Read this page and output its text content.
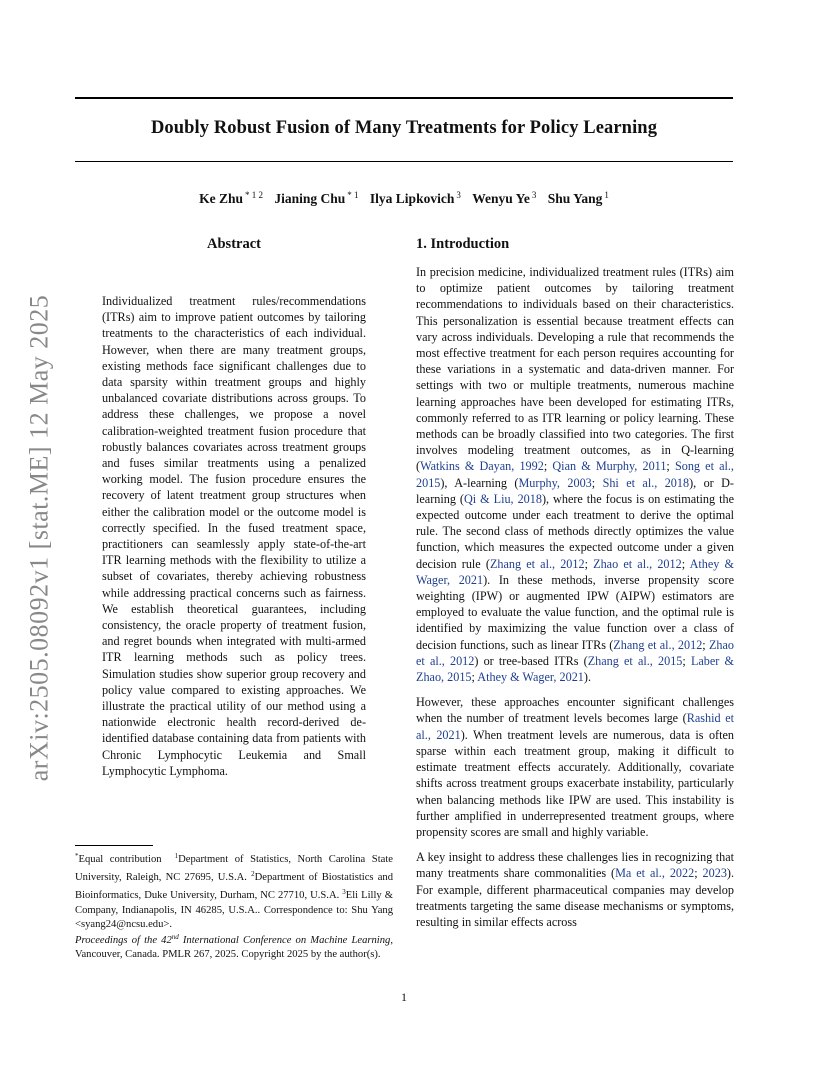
Doubly Robust Fusion of Many Treatments for Policy Learning
Ke Zhu $^{* 1 2}$ Jianing Chu $^{* 1}$ Ilya Lipkovich $^3$ Wenyu Ye $^3$ Shu Yang $^1$
arXiv:2505.08092v1 [stat.ME] 12 May 2025
Abstract
Individualized treatment rules/recommendations (ITRs) aim to improve patient outcomes by tailoring treatments to the characteristics of each individual. However, when there are many treatment groups, existing methods face significant challenges due to data sparsity within treatment groups and highly unbalanced covariate distributions across groups. To address these challenges, we propose a novel calibration-weighted treatment fusion procedure that robustly balances covariates across treatment groups and fuses similar treatments using a penalized working model. The fusion procedure ensures the recovery of latent treatment group structures when either the calibration model or the outcome model is correctly specified. In the fused treatment space, practitioners can seamlessly apply state-of-the-art ITR learning methods with the flexibility to utilize a subset of covariates, thereby achieving robustness while addressing practical concerns such as fairness. We establish theoretical guarantees, including consistency, the oracle property of treatment fusion, and regret bounds when integrated with multi-armed ITR learning methods such as policy trees. Simulation studies show superior group recovery and policy value compared to existing approaches. We illustrate the practical utility of our method using a nationwide electronic health record-derived de-identified database containing data from patients with Chronic Lymphocytic Leukemia and Small Lymphocytic Lymphoma.
1. Introduction

In precision medicine, individualized treatment rules (ITRs) aim to optimize patient outcomes by tailoring treatment recommendations to individuals based on their characteristics. This personalization is essential because treatment effects can vary across individuals. Developing a rule that recommends the most effective treatment for each person requires accounting for these variations in a systematic and data-driven manner. For settings with two or multiple treatments, numerous machine learning approaches have been developed for estimating ITRs, commonly referred to as ITR learning or policy learning. These methods can be broadly classified into two categories. The first involves modeling treatment outcomes, as in Q-learning (Watkins & Dayan, 1992; Qian & Murphy, 2011; Song et al., 2015), A-learning (Murphy, 2003; Shi et al., 2018), or D-learning (Qi & Liu, 2018), where the focus is on estimating the expected outcome under each treatment to derive the optimal rule. The second class of methods directly optimizes the value function, which measures the expected outcome under a given decision rule (Zhang et al., 2012; Zhao et al., 2012; Athey & Wager, 2021). In these methods, inverse propensity score weighting (IPW) or augmented IPW (AIPW) estimators are employed to evaluate the value function, and the optimal rule is identified by maximizing the value function over a class of decision functions, such as linear ITRs (Zhang et al., 2012; Zhao et al., 2012) or tree-based ITRs (Zhang et al., 2015; Laber & Zhao, 2015; Athey & Wager, 2021).

However, these approaches encounter significant challenges when the number of treatment levels becomes large (Rashid et al., 2021). When treatment levels are numerous, data is often sparse within each treatment group, making it difficult to estimate treatment effects accurately. Additionally, covariate shifts across treatment groups exacerbate instability, particularly when balancing methods like IPW are used. This instability is further amplified in underrepresented treatment groups, where propensity scores are small and highly variable.

A key insight to address these challenges lies in recognizing that many treatments share commonalities (Ma et al., 2022; 2023). For example, different pharmaceutical companies may develop treatments targeting the same disease mechanisms or symptoms, resulting in similar effects across

*Equal contribution $^1$Department of Statistics, North Carolina State University, Raleigh, NC 27695, U.S.A. $^2$Department of Biostatistics and Bioinformatics, Duke University, Durham, NC 27710, U.S.A. $^3$Eli Lilly & Company, Indianapolis, IN 46285, U.S.A.. Correspondence to: Shu Yang <syang24@ncsu.edu>.
Proceedings of the 42nd International Conference on Machine Learning, Vancouver, Canada. PMLR 267, 2025. Copyright 2025 by the author(s).
1
